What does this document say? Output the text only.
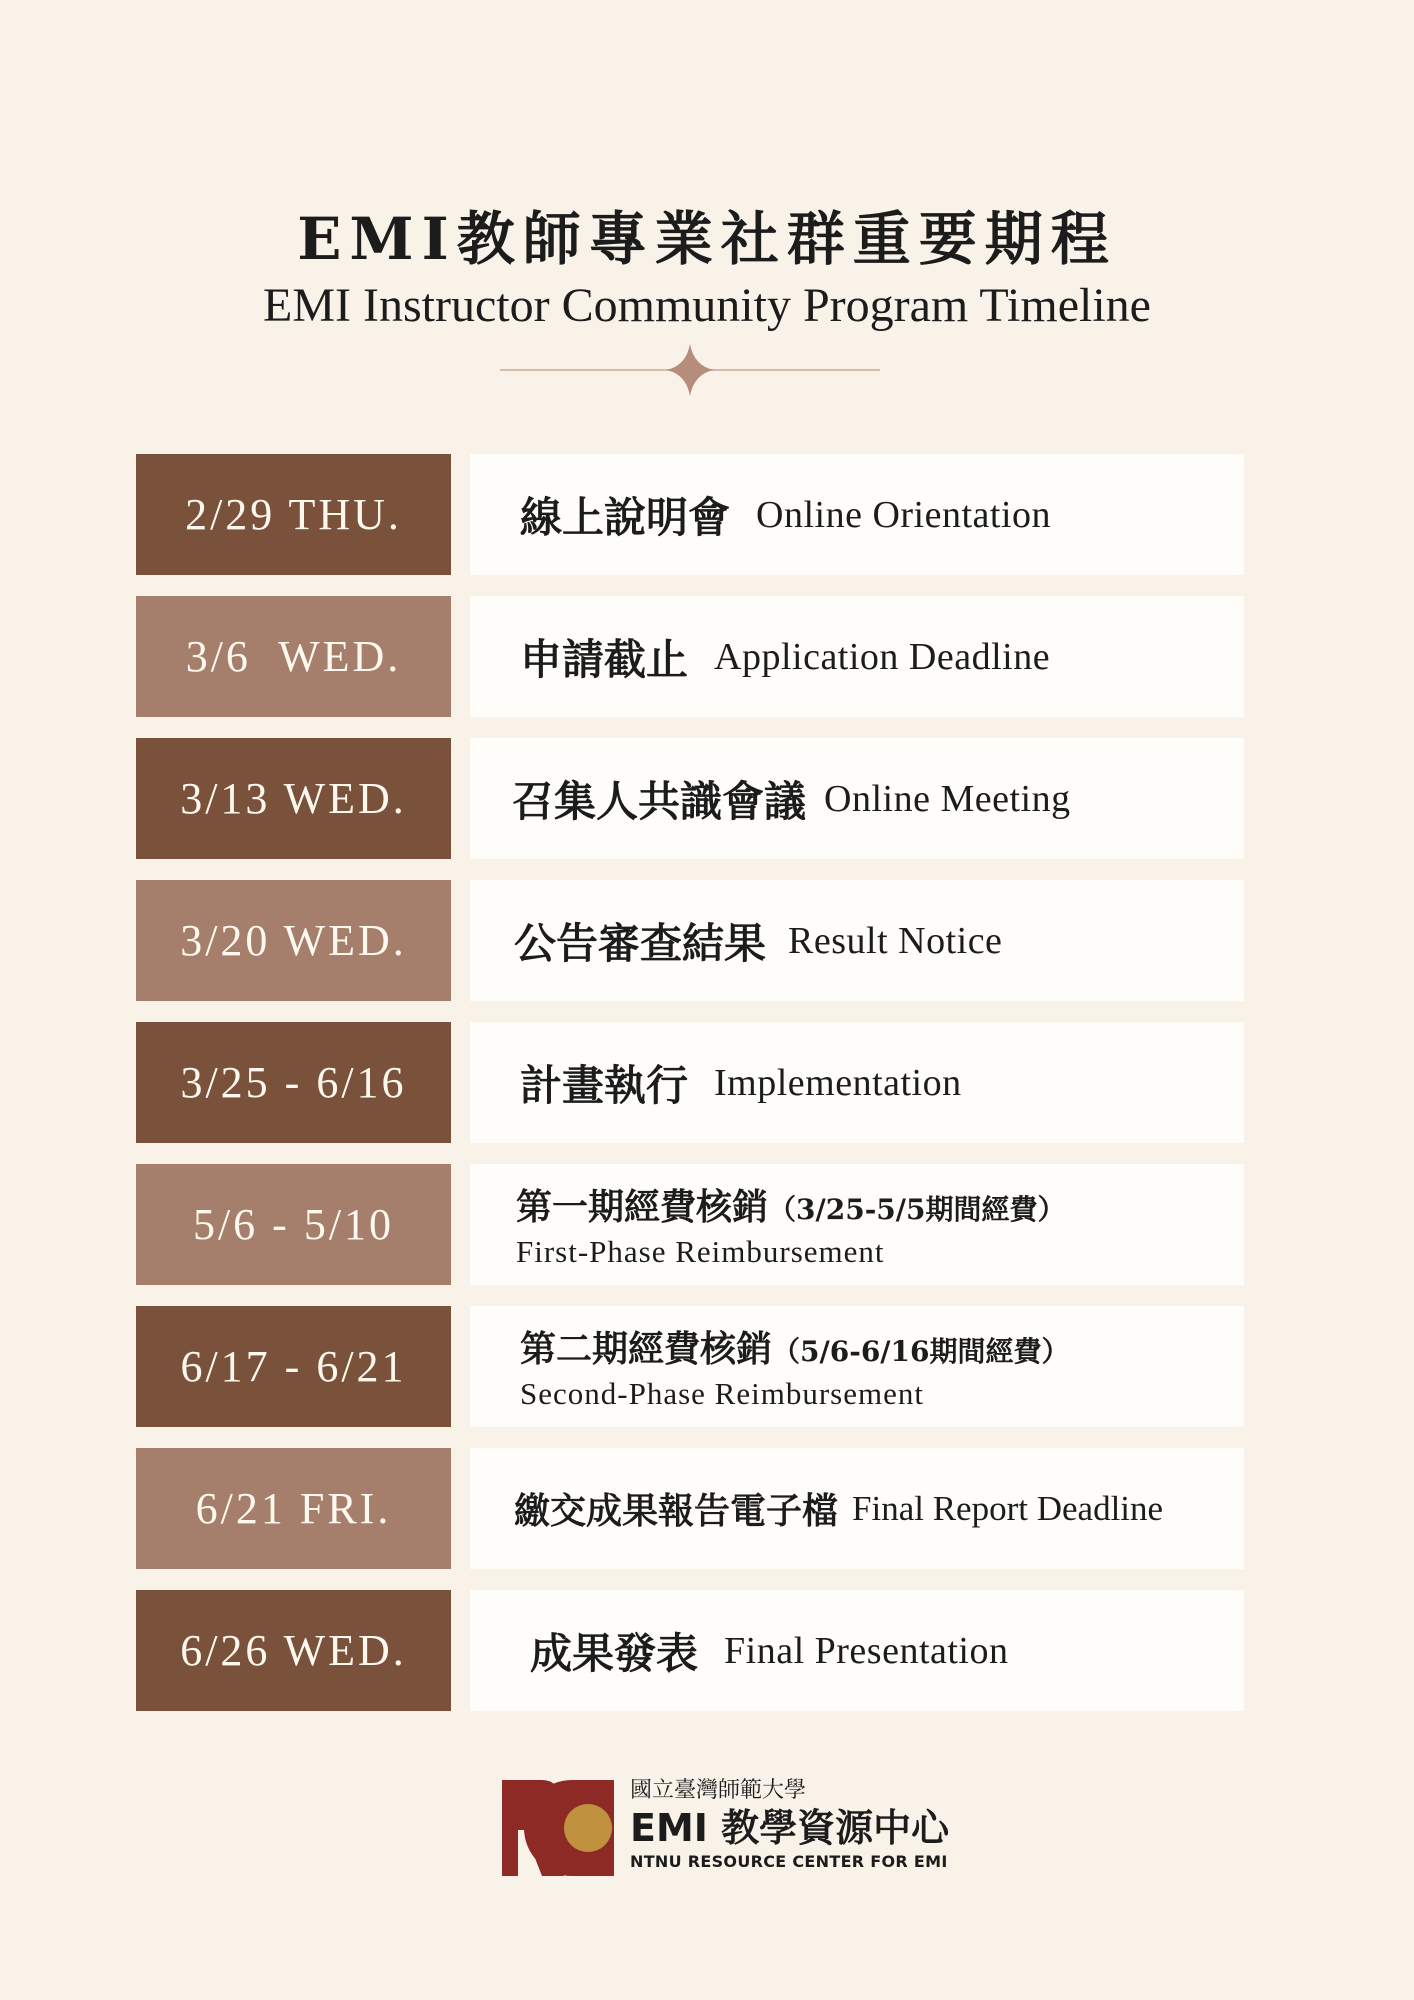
EMI教師專業社群重要期程
EMI Instructor Community Program Timeline
2/29 THU.	線上說明會 Online Orientation
3/6  WED.	申請截止 Application Deadline
3/13 WED.	召集人共識會議 Online Meeting
3/20 WED.	公告審查結果 Result Notice
3/25 - 6/16	計畫執行 Implementation
5/6 - 5/10	第一期經費核銷（3/25-5/5期間經費）
First-Phase Reimbursement
6/17 - 6/21	第二期經費核銷（5/6-6/16期間經費）
Second-Phase Reimbursement
6/21 FRI.	繳交成果報告電子檔 Final Report Deadline
6/26 WED.	成果發表 Final Presentation
國立臺灣師範大學
EMI 教學資源中心
NTNU RESOURCE CENTER FOR EMI
